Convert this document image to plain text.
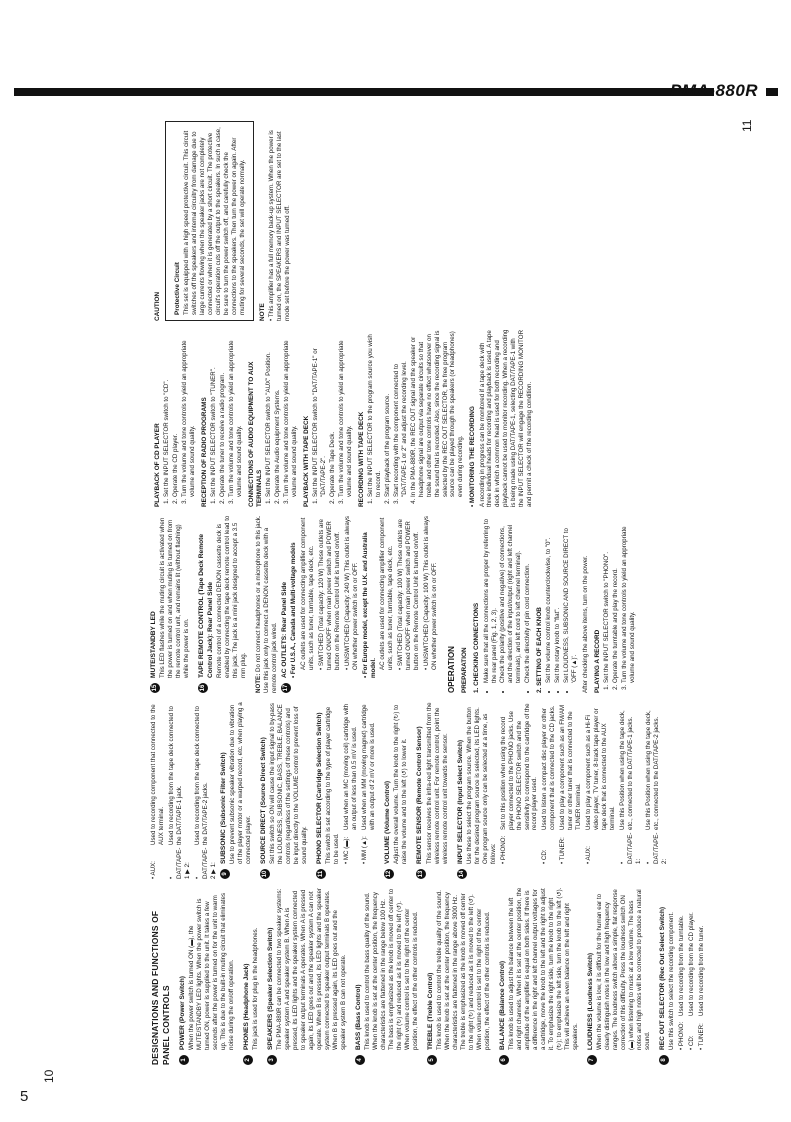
PMA-880R
5
10
11
DESIGNATIONS AND FUNCTIONS OF PANEL CONTROLS	1
POWER (Power Switch) When the power switch is turned ON (▬), the MUTE/STANDBY LED lights. When the power switch is turned ON, power is supplied to the unit. It takes a few seconds after the power is turned on for the unit to warm up. This is due to the built-in muting circuit that eliminates noise during the on/off operation.

2
PHONES (Headphone Jack) This jack is used for plug in the headphones.

3
SPEAKERS (Speaker Selection Switch) The PMA-880R can be connected to two speaker systems: speaker system A and speaker system B. When A is pressed, its LED lights and the speaker system connected to speaker output terminals A operates. When A is pressed again, its LED goes out and the speaker system A can not operate. When B is pressed, its LED lights and the speaker system connected to speaker output terminals B operates. When B is pressed again, its LED goes out and the speaker system B can not operate.

4
BASS (Bass Control) This knob is used to control the bass quality of the sound. When the knob is set at the center position, the frequency characteristics are flattened in the range below 100 Hz. The bass is emphasized as the knob is moved off center to the right (↻) and reduced as it is moved to the left (↺). When volume control is set to the right of the center position, the effect of the other controls is reduced.

5
TREBLE (Treble Control) This knob is used to control the treble quality of the sound. When the knob is set at the center position, the frequency characteristics are flattened in the range above 3000 Hz. The treble is emphasized as the knob is moved off center to the right (↻) and reduced as it is moved to the left (↺). When volume control is set to the right of the center position, the effect of the other controls is reduced.

6
BALANCE (Balance Control) This knob is used to adjust the balance between the left and right channels. When it is set at the center position, the amplitude of the amplifier is equal on both sides. If there is a difference in the right and left channel output voltages for a cartridge, move the knob to the left and the right to adjust it. To emphasize the right side, turn the knob to the right (↻); to emphasize the left side, turn the knob to the left (↺). This will achieve an even balance on the left and right speakers.

7
LOUDNESS (Loudness Switch) When the volume is low, it is difficult for the human ear to clearly distinguish notes in the low and high frequency ranges. The loudness switch allows a simple, flat response correction of this difficulty. Press the loudness switch ON (▬) when listening to music at a low volume. The bass notes and high notes will be corrected to produce a natural sound.

8
REC OUT SELECTOR (Rec Out Select Switch) Use this switch to select the recording component. • PHONO:
Used to recording from the turntable.
• CD:
Used to recording from the CD player.
• TUNER:
Used to recording from the tuner.
• AUX:
Used to recording component that connected to the AUX terminal.
• DAT/TAPE-1 ▶ 2:
Used to recording from the tape deck connected to the DAT/TAPE-1 jack.
• DAT/TAPE-2 ▶ 1:
Used to recording from the tape deck connected to the DAT/TAPE-2 jacks.
9
SUBSONIC (Subsonic Filter Switch) Use to prevent subsonic speaker vibration due to vibration of the player motor or a warped record, etc. when playing a connected player.

10
SOURCE DIRECT (Source Direct Switch) Set this switch so ON will cause the input signal to by-pass the LOUDNESS, SUBSONIC, BASS, TREBLE, BALANCE controls (regardless of the settings of these controls) and be input directly to the VOLUME control to prevent loss of sound quality.

11
PHONO SELECTOR (Cartridge Selection Switch) This switch is set according to the type of player cartridge to be used. • MC (▬):
Used when an MC (moving coil) cartridge with an output of less than 0.5 mV is used.
• MM (▲):
Used when an MM (moving magnet) cartridge with an output of 2 mV or more is used.
12
VOLUME (Volume Control) Adjust the overall volume. Turn the knob to the right (↻) to raise the volume and to the left (↺) to lower it.

13
REMOTE SENSOR (Remote Control Sensor) This sensor receives the infra-red light transmitted from the wireless remote control unit. For remote control, point the wireless remote control unit towards the sensor.

14
INPUT SELECTOR (Input Select Switch) Use these to select the program source. When the button for the desired program source is selected, its LED lights. One program source only can be selected at a time, as follows: • PHONO:
Set to this position when using the record player connected to the PHONO jacks. Use the PHONO SELECTOR switch and the sensitivity to correspond to the cartridge of the record player used.
• CD:
Used to listen a compact disc player or other component that is connected to the CD jacks.
• TUNER:
Used to play a component such as an FM/AM tuner or other tuner that is connected to the TUNER terminal.
• AUX:
Used to play a component such as a Hi-Fi video player, TV tuner, 8-track tape player or tape deck that is connected to the AUX terminal.
• DAT/TAPE-1:
Use this Position when using the tape deck, etc., connected to the DAT/TAPE-1 jacks.
• DAT/TAPE-2:
Use this Position when using the tape deck, etc., connected to the DAT/TAPE-2 jacks.
15
MUTE/STANDBY LED This LED flashes while the muting circuit is activated when the power is turned on and when muting is turned on from the remote control unit, and remains lit (without flashing) while the power is on.

16
TAPE REMOTE CONTROL (Tape Deck Remote Control Jack): Rear Panel Side Remote control of a connected DENON cassette deck is enabled by connecting the tape deck remote control lead to this jack. The jack is a mini jack designed to accept a 3.5 mm plug.

NOTE: Do not connect headphones or a microphone to this jack. Use this jack only to connect a DENON cassette deck with a remote control jack wired. 17
AC OUTLETS: Rear Panel Side • For U.S.A., Canada and Multi-voltage models AC outlets are used for connecting amplifier component units, such as tuner, turntable, tape deck, etc. • SWITCHED (Total capacity: 120 W) These outlets are turned ON/OFF when main power switch and POWER button on the Remote Control Unit is turned on/off. • UNSWITCHED (Capacity: 240 W) This outlet is always ON whether power switch is on or OFF. • For Europe model, except the U.K. and Australia model. AC outlets are used for connecting amplifier component units, such as tuner, turntable, tape deck, etc. • SWITCHED (Total capacity: 100 W) These outlets are turned ON/OFF when main power switch and POWER button on the Remote Control Unit is turned on/off. • UNSWITCHED (Capacity: 100 W) This outlet is always ON whether power switch is on or OFF. OPERATION PREPARATION 1. CHECKING CONNECTIONS • Make sure that all the connections are proper by referring to the rear panel (Fig. 1, 2, 3). • Check the polarity (positive and negative) of connections, and the direction of the input/output (right and left channel terminals), and left cord to left channel terminal). • Check the directivity of pin cord connection. 2. SETTING OF EACH KNOB • Set the volume control knob counterclockwise, to "0". • Set the rotary knob to "flat". • Set LOUDNESS, SUBSONIC AND SOURCE DIRECT to 'OFF (▲)'. After checking the above items, turn on the power. PLAYING A RECORD 1. Set the INPUT SELECTOR switch to "PHONO". 2. Operate the turntable and play the record. 3. Turn the volume and tone controls to yield an appropriate volume and sound quality.
PLAYBACK OF CD PLAYER 1. Set the INPUT SELECTOR switch to "CD". 2. Operate the CD player. 3. Turn the volume and tone controls to yield an appropriate volume and sound quality. RECEPTION OF RADIO PROGRAMS 1. Set the INPUT SELECTOR switch to "TUNER". 2. Operate the tuner to receive a radio program. 3. Turn the volume and tone controls to yield an appropriate volume and sound quality. CONNECTIONS OF AUDIO EQUIPMENT TO AUX TERMINALS 1. Set the INPUT SELECTOR switch to "AUX" Position. 2. Operate the Audio equipment Systems. 3. Turn the volume and tone controls to yield an appropriate volume and sound quality. PLAYBACK WITH TAPE DECK 1. Set the INPUT SELECTOR switch to "DAT/TAPE-1" or "DAT/TAPE-2". 2. Operate the Tape Deck. 3. Turn the volume and tone controls to yield an appropriate volume and sound quality. RECORDING WITH TAPE DECK 1. Set the INPUT SELECTOR to the program source you wish to record. 2. Start playback of the program source. 3. Start recording with the component connected to "DAT/TAPE-1 or 2" and adjust the recording level. 4. In the PMA-880R, the REC OUT signal and the speaker or headphone signal are output via separate circuits so that treble and other tone controls have no effect whatsoever on the sound that is recorded. Also, since the recording signal is selected by the REC OUT SELECTOR, the free program source can be played through the speakers (or headphones) even during recording. • MONITORING THE RECORDING A recording in progress can be monitored if a tape deck with three individual heads for recording and playback is used. A tape deck in which a common head is used for both recording and playback cannot be used to monitor recording. When a recording is being made using DAT/TAPE-1, selecting DAT/TAPE-1 with the INPUT SELECTOR will engage the RECORDING MONITOR and permit a check of the recording condition.

CAUTION Protective Circuit This set is equipped with a high speed protective circuit. This circuit switches off the speakers and internal circuitry from damage due to large currents flowing when the speaker jacks are not completely connected or when it is generated by a short circuit. The protective circuit's operation cuts off the output to the speakers. In such a case, be sure to turn the power switch off, and carefully check the connections to the speakers. Then turn the power on again. After muting for several seconds, the set will operate normally. NOTE • This amplifier has a full memory back-up system. When the power is turned on, the SPEAKERS and INPUT SELECTOR are set to the last mode set before the power was turned off.
